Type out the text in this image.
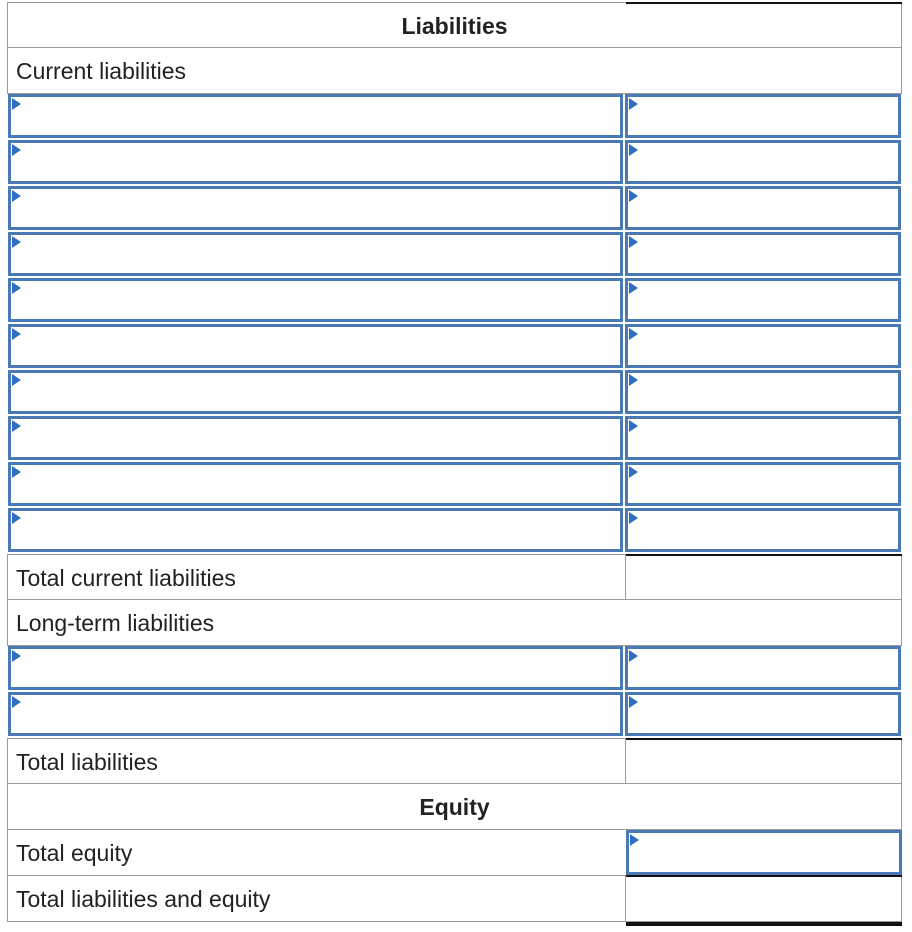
Liabilities
Current liabilities
Total current liabilities
Long-term liabilities
Total liabilities
Equity
Total equity
Total liabilities and equity
